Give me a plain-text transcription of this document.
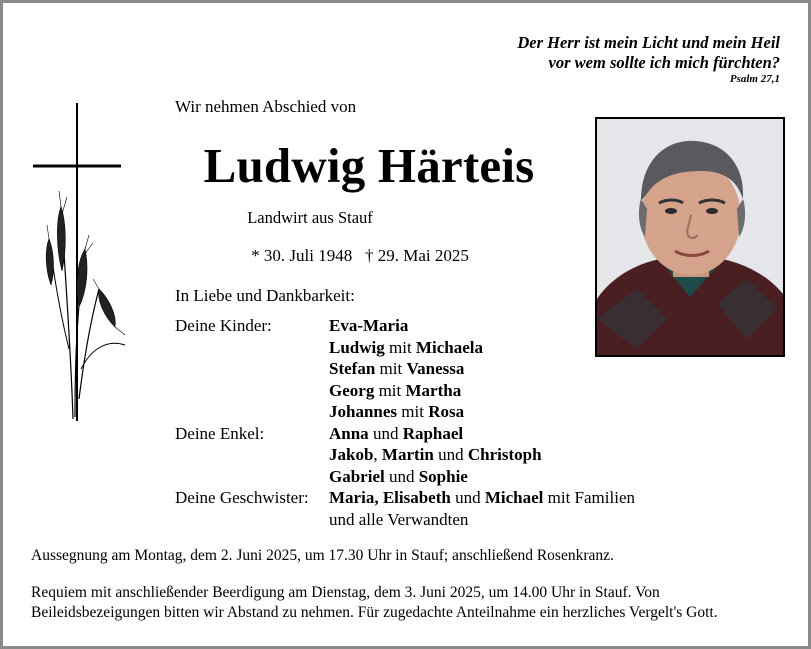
Der Herr ist mein Licht und mein Heil
vor wem sollte ich mich fürchten?
Psalm 27,1
Wir nehmen Abschied von
Ludwig Härteis
Landwirt aus Stauf
* 30. Juli 1948   † 29. Mai 2025
In Liebe und Dankbarkeit:
Deine Kinder:	Eva-Maria
Ludwig mit Michaela
Stefan mit Vanessa
Georg mit Martha
Johannes mit Rosa
Deine Enkel:	Anna und Raphael
Jakob, Martin und Christoph
Gabriel und Sophie
Deine Geschwister:	Maria, Elisabeth und Michael mit Familien
und alle Verwandten
Aussegnung am Montag, dem 2. Juni 2025, um 17.30 Uhr in Stauf; anschließend Rosenkranz.
Requiem mit anschließender Beerdigung am Dienstag, dem 3. Juni 2025, um 14.00 Uhr in Stauf. Von Beileidsbezeigungen bitten wir Abstand zu nehmen. Für zugedachte Anteilnahme ein herzliches Vergelt's Gott.
